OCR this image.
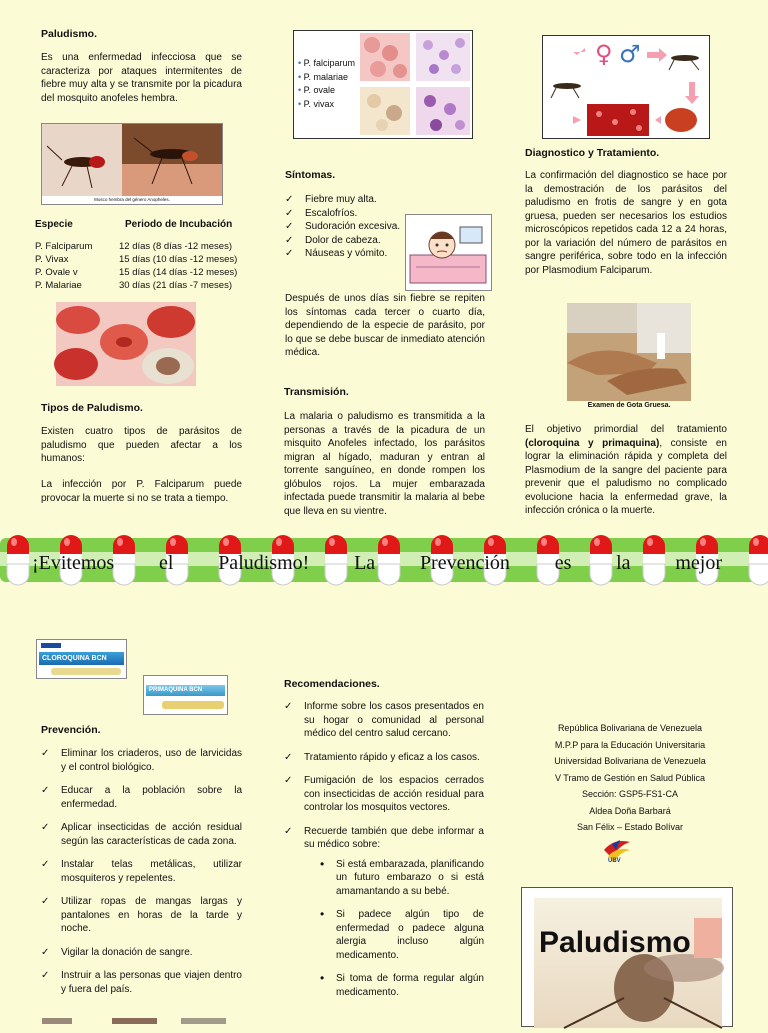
Paludismo.
Es una enfermedad infecciosa que se caracteriza por ataques intermitentes de fiebre muy alta y se transmite por la picadura del mosquito anofeles hembra.
Mosco hembra del género Anopheles.
Especie	Periodo de Incubación
P. Falciparum	12 días (8 días -12 meses)
P. Vivax	15 días (10 días -12 meses)
P. Ovale v	15 días (14 días -12 meses)
P. Malariae	30 días (21 días -7 meses)
Tipos de Paludismo.
Existen cuatro tipos de parásitos de paludismo que pueden afectar a los humanos:
La infección por P. Falciparum puede provocar la muerte si no se trata a tiempo.
• P. falciparum
• P. malariae
• P. ovale
• P. vivax
Síntomas.
✓ Fiebre muy alta.
✓ Escalofríos.
✓ Sudoración excesiva.
✓ Dolor de cabeza.
✓ Náuseas y vómito.
Después de unos días sin fiebre se repiten los síntomas cada tercer o cuarto día, dependiendo de la especie de parásito, por lo que se debe buscar de inmediato atención médica.
Transmisión.
La malaria o paludismo es transmitida a la personas a través de la picadura de un misquito Anofeles infectado, los parásitos migran al hígado, maduran y entran al torrente sanguíneo, en donde rompen los glóbulos rojos. La mujer embarazada infectada puede transmitir la malaria al bebe que lleva en su vientre.
♀ ♂
Diagnostico y Tratamiento.
La confirmación del diagnostico se hace por la demostración de los parásitos del paludismo en frotis de sangre y en gota gruesa, pueden ser necesarios los estudios microscópicos repetidos cada 12 a 24 horas, por la variación del número de parásitos en sangre periférica, sobre todo en la infección por Plasmodium Falciparum.
Examen de Gota Gruesa.
El objetivo primordial del tratamiento (cloroquina y primaquina), consiste en lograr la eliminación rápida y completa del Plasmodium de la sangre del paciente para prevenir que el paludismo no complicado evolucione hacia la enfermedad grave, la infección crónica o la muerte.
¡Evitemos el Paludismo! La Prevención es la mejor
CLOROQUINA BCN
PRIMAQUINA BCN
Prevención.
✓ Eliminar los criaderos, uso de larvicidas y el control biológico.
✓ Educar a la población sobre la enfermedad.
✓ Aplicar insecticidas de acción residual según las características de cada zona.
✓ Instalar telas metálicas, utilizar mosquiteros y repelentes.
✓ Utilizar ropas de mangas largas y pantalones en horas de la tarde y noche.
✓ Vigilar la donación de sangre.
✓ Instruir a las personas que viajen dentro y fuera del país.
Recomendaciones.
✓ Informe sobre los casos presentados en su hogar o comunidad al personal médico del centro salud cercano.
✓ Tratamiento rápido y eficaz a los casos.
✓ Fumigación de los espacios cerrados con insecticidas de acción residual para controlar los mosquitos vectores.
✓ Recuerde también que debe informar a su médico sobre:
• Si está embarazada, planificando un futuro embarazo o si está amamantando a su bebé.
• Si padece algún tipo de enfermedad o padece alguna alergia incluso algún medicamento.
• Si toma de forma regular algún medicamento.
República Bolivariana de Venezuela
M.P.P para la Educación Universitaria
Universidad Bolivariana de Venezuela
V Tramo de Gestión en Salud Pública
Sección: GSP5-FS1-CA
Aldea Doña Barbará
San Félix – Estado Bolívar
UBV
Paludismo
